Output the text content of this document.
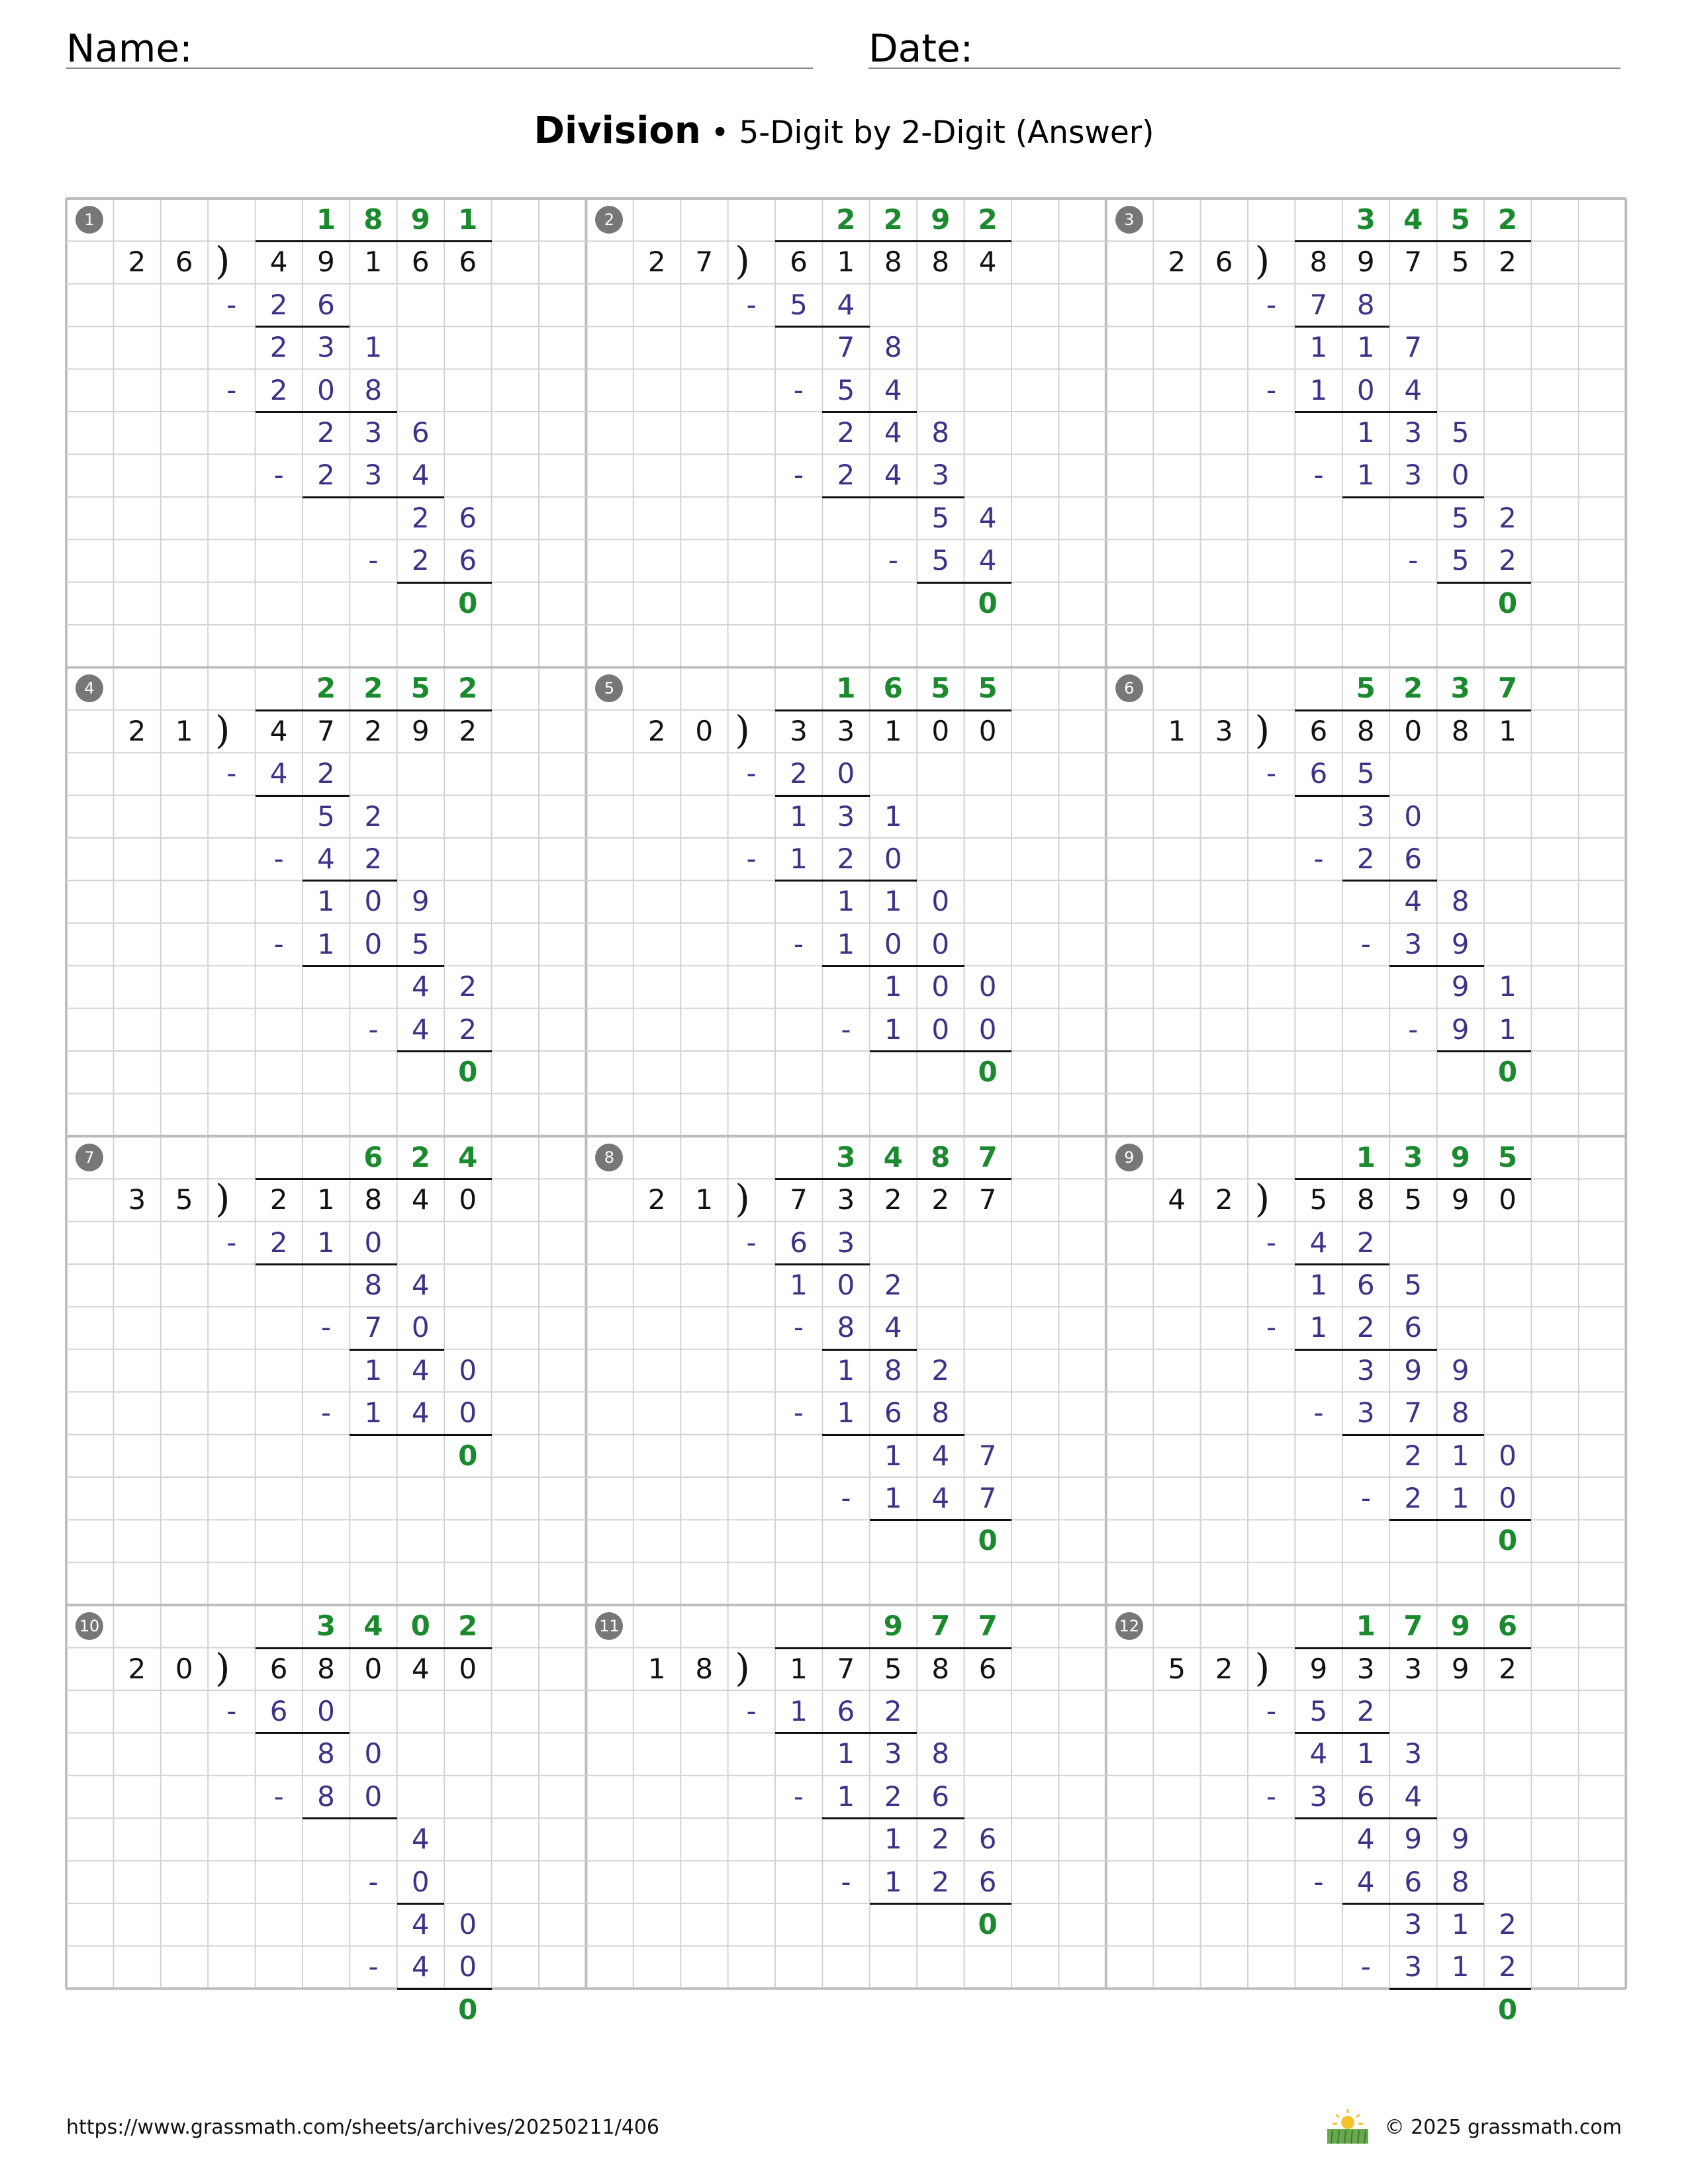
Name:	Date:
Division • 5-Digit by 2-Digit (Answer)
1
2	6 )	4	9	1	6	6
1	8	9	1
-	2	6
2	3	1
-	2	0	8
2	3	6
-	2	3	4
2	6
-	2	6
0
2
2	7 )	6	1	8	8	4
2	2	9	2
-	5	4
7	8
-	5	4
2	4	8
-	2	4	3
5	4
-	5	4
0
3
2	6 )	8	9	7	5	2
3	4	5	2
-	7	8
1	1	7
-	1	0	4
1	3	5
-	1	3	0
5	2
-	5	2
0
4
2	1 )	4	7	2	9	2
2	2	5	2
-	4	2
5	2
-	4	2
1	0	9
-	1	0	5
4	2
-	4	2
0
5
2	0 )	3	3	1	0	0
1	6	5	5
-	2	0
1	3	1
-	1	2	0
1	1	0
-	1	0	0
1	0	0
-	1	0	0
0
6
1	3 )	6	8	0	8	1
5	2	3	7
-	6	5
3	0
-	2	6
4	8
-	3	9
9	1
-	9	1
0
7
3	5 )	2	1	8	4	0
6	2	4
-	2	1	0
8	4
-	7	0
1	4	0
-	1	4	0
0
8
2	1 )	7	3	2	2	7
3	4	8	7
-	6	3
1	0	2
-	8	4
1	8	2
-	1	6	8
1	4	7
-	1	4	7
0
9
4	2 )	5	8	5	9	0
1	3	9	5
-	4	2
1	6	5
-	1	2	6
3	9	9
-	3	7	8
2	1	0
-	2	1	0
0
10
2	0 )	6	8	0	4	0
3	4	0	2
-	6	0
8	0
-	8	0
4
-	0
4	0
-	4	0
0
11
1	8 )	1	7	5	8	6
9	7	7
-	1	6	2
1	3	8
-	1	2	6
1	2	6
-	1	2	6
0
12
5	2 )	9	3	3	9	2
1	7	9	6
-	5	2
4	1	3
-	3	6	4
4	9	9
-	4	6	8
3	1	2
-	3	1	2
0
https://www.grassmath.com/sheets/archives/20250211/406	© 2025 grassmath.com
